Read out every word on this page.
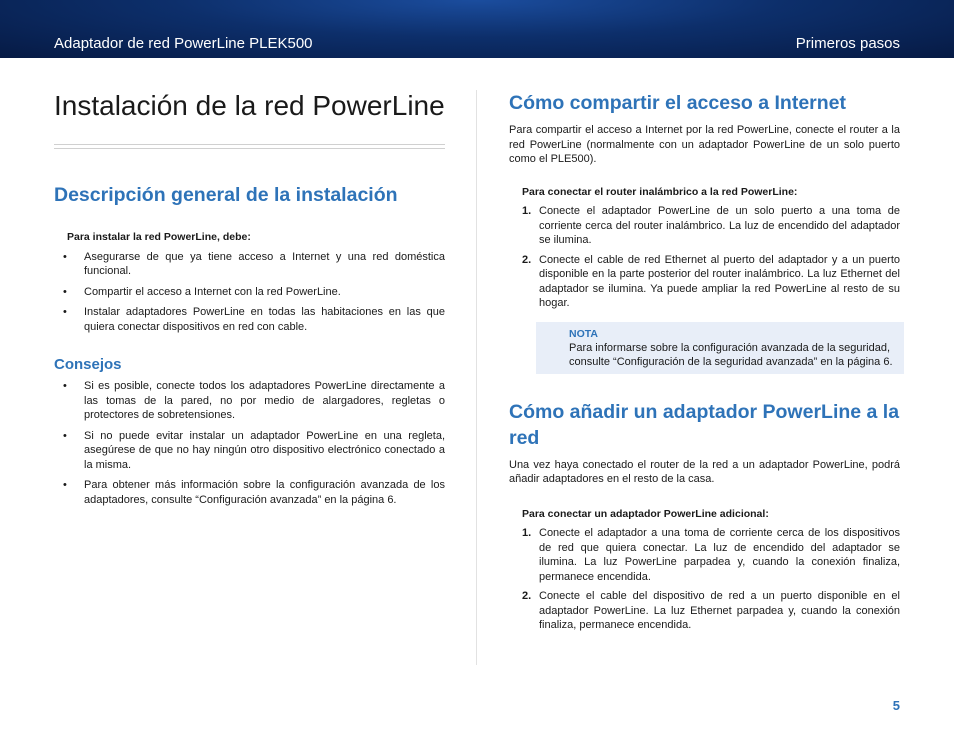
Adaptador de red PowerLine PLEK500	Primeros pasos
Instalación de la red PowerLine
Descripción general de la instalación

Para instalar la red PowerLine, debe:

• Asegurarse de que ya tiene acceso a Internet y una red doméstica funcional.
• Compartir el acceso a Internet con la red PowerLine.
• Instalar adaptadores PowerLine en todas las habitaciones en las que quiera conectar dispositivos en red con cable.
Consejos
• Si es posible, conecte todos los adaptadores PowerLine directamente a las tomas de la pared, no por medio de alargadores, regletas o protectores de sobretensiones.
• Si no puede evitar instalar un adaptador PowerLine en una regleta, asegúrese de que no hay ningún otro dispositivo electrónico conectado a la misma.
• Para obtener más información sobre la configuración avanzada de los adaptadores, consulte “Configuración avanzada” en la página 6.
Cómo compartir el acceso a Internet

Para compartir el acceso a Internet por la red PowerLine, conecte el router a la red PowerLine (normalmente con un adaptador PowerLine de un solo puerto como el PLE500).

Para conectar el router inalámbrico a la red PowerLine:

1. Conecte el adaptador PowerLine de un solo puerto a una toma de corriente cerca del router inalámbrico. La luz de encendido del adaptador se ilumina.
2. Conecte el cable de red Ethernet al puerto del adaptador y a un puerto disponible en la parte posterior del router inalámbrico. La luz Ethernet del adaptador se ilumina. Ya puede ampliar la red PowerLine al resto de su hogar.
NOTA
Para informarse sobre la configuración avanzada de la seguridad, consulte “Configuración de la seguridad avanzada” en la página 6.
Cómo añadir un adaptador PowerLine a la red

Una vez haya conectado el router de la red a un adaptador PowerLine, podrá añadir adaptadores en el resto de la casa.

Para conectar un adaptador PowerLine adicional:

1. Conecte el adaptador a una toma de corriente cerca de los dispositivos de red que quiera conectar. La luz de encendido del adaptador se ilumina. La luz PowerLine parpadea y, cuando la conexión finaliza, permanece encendida.
2. Conecte el cable del dispositivo de red a un puerto disponible en el adaptador PowerLine. La luz Ethernet parpadea y, cuando la conexión finaliza, permanece encendida.
5
